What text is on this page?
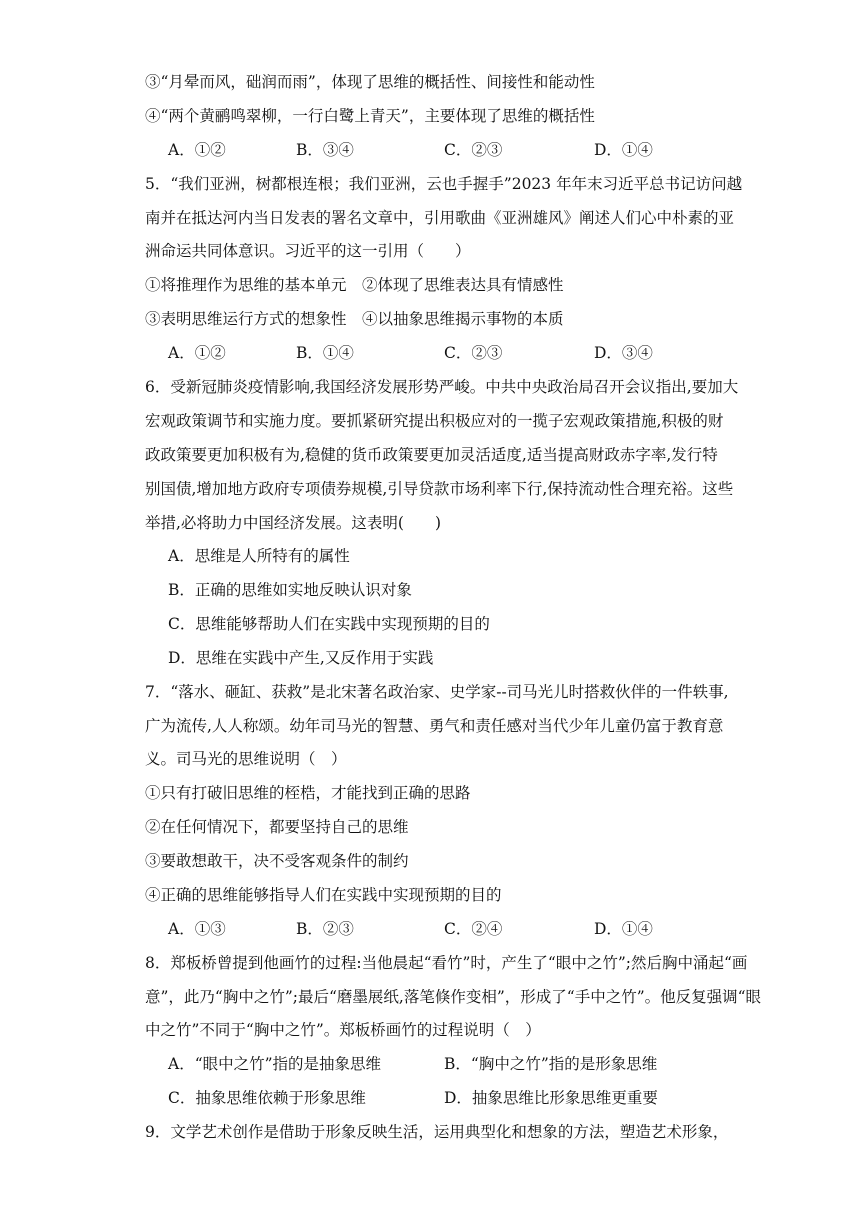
③“月晕而风，础润而雨”，体现了思维的概括性、间接性和能动性
④“两个黄鹂鸣翠柳，一行白鹭上青天”，主要体现了思维的概括性
A．①②	B．③④	C．②③	D．①④
5．“我们亚洲，树都根连根；我们亚洲，云也手握手”2023 年年末习近平总书记访问越
南并在抵达河内当日发表的署名文章中，引用歌曲《亚洲雄风》阐述人们心中朴素的亚
洲命运共同体意识。习近平的这一引用（　　）
①将推理作为思维的基本单元　②体现了思维表达具有情感性
③表明思维运行方式的想象性　④以抽象思维揭示事物的本质
A．①②	B．①④	C．②③	D．③④
6．受新冠肺炎疫情影响,我国经济发展形势严峻。中共中央政治局召开会议指出,要加大
宏观政策调节和实施力度。要抓紧研究提出积极应对的一揽子宏观政策措施,积极的财
政政策要更加积极有为,稳健的货币政策要更加灵活适度,适当提高财政赤字率,发行特
别国债,增加地方政府专项债券规模,引导贷款市场利率下行,保持流动性合理充裕。这些
举措,必将助力中国经济发展。这表明(　　)
A．思维是人所特有的属性
B．正确的思维如实地反映认识对象
C．思维能够帮助人们在实践中实现预期的目的
D．思维在实践中产生,又反作用于实践
7．“落水、砸缸、获救”是北宋著名政治家、史学家--司马光儿时搭救伙伴的一件轶事,
广为流传,人人称颂。幼年司马光的智慧、勇气和责任感对当代少年儿童仍富于教育意
义。司马光的思维说明（　）
①只有打破旧思维的桎梏，才能找到正确的思路
②在任何情况下，都要坚持自己的思维
③要敢想敢干，决不受客观条件的制约
④正确的思维能够指导人们在实践中实现预期的目的
A．①③	B．②③	C．②④	D．①④
8．郑板桥曾提到他画竹的过程:当他晨起“看竹”时，产生了“眼中之竹”;然后胸中涌起“画
意”，此乃“胸中之竹”;最后“磨墨展纸,落笔倏作变相”，形成了“手中之竹”。他反复强调“眼
中之竹”不同于“胸中之竹”。郑板桥画竹的过程说明（　）
A．“眼中之竹”指的是抽象思维	B．“胸中之竹”指的是形象思维
C．抽象思维依赖于形象思维	D．抽象思维比形象思维更重要
9．文学艺术创作是借助于形象反映生活，运用典型化和想象的方法，塑造艺术形象，
